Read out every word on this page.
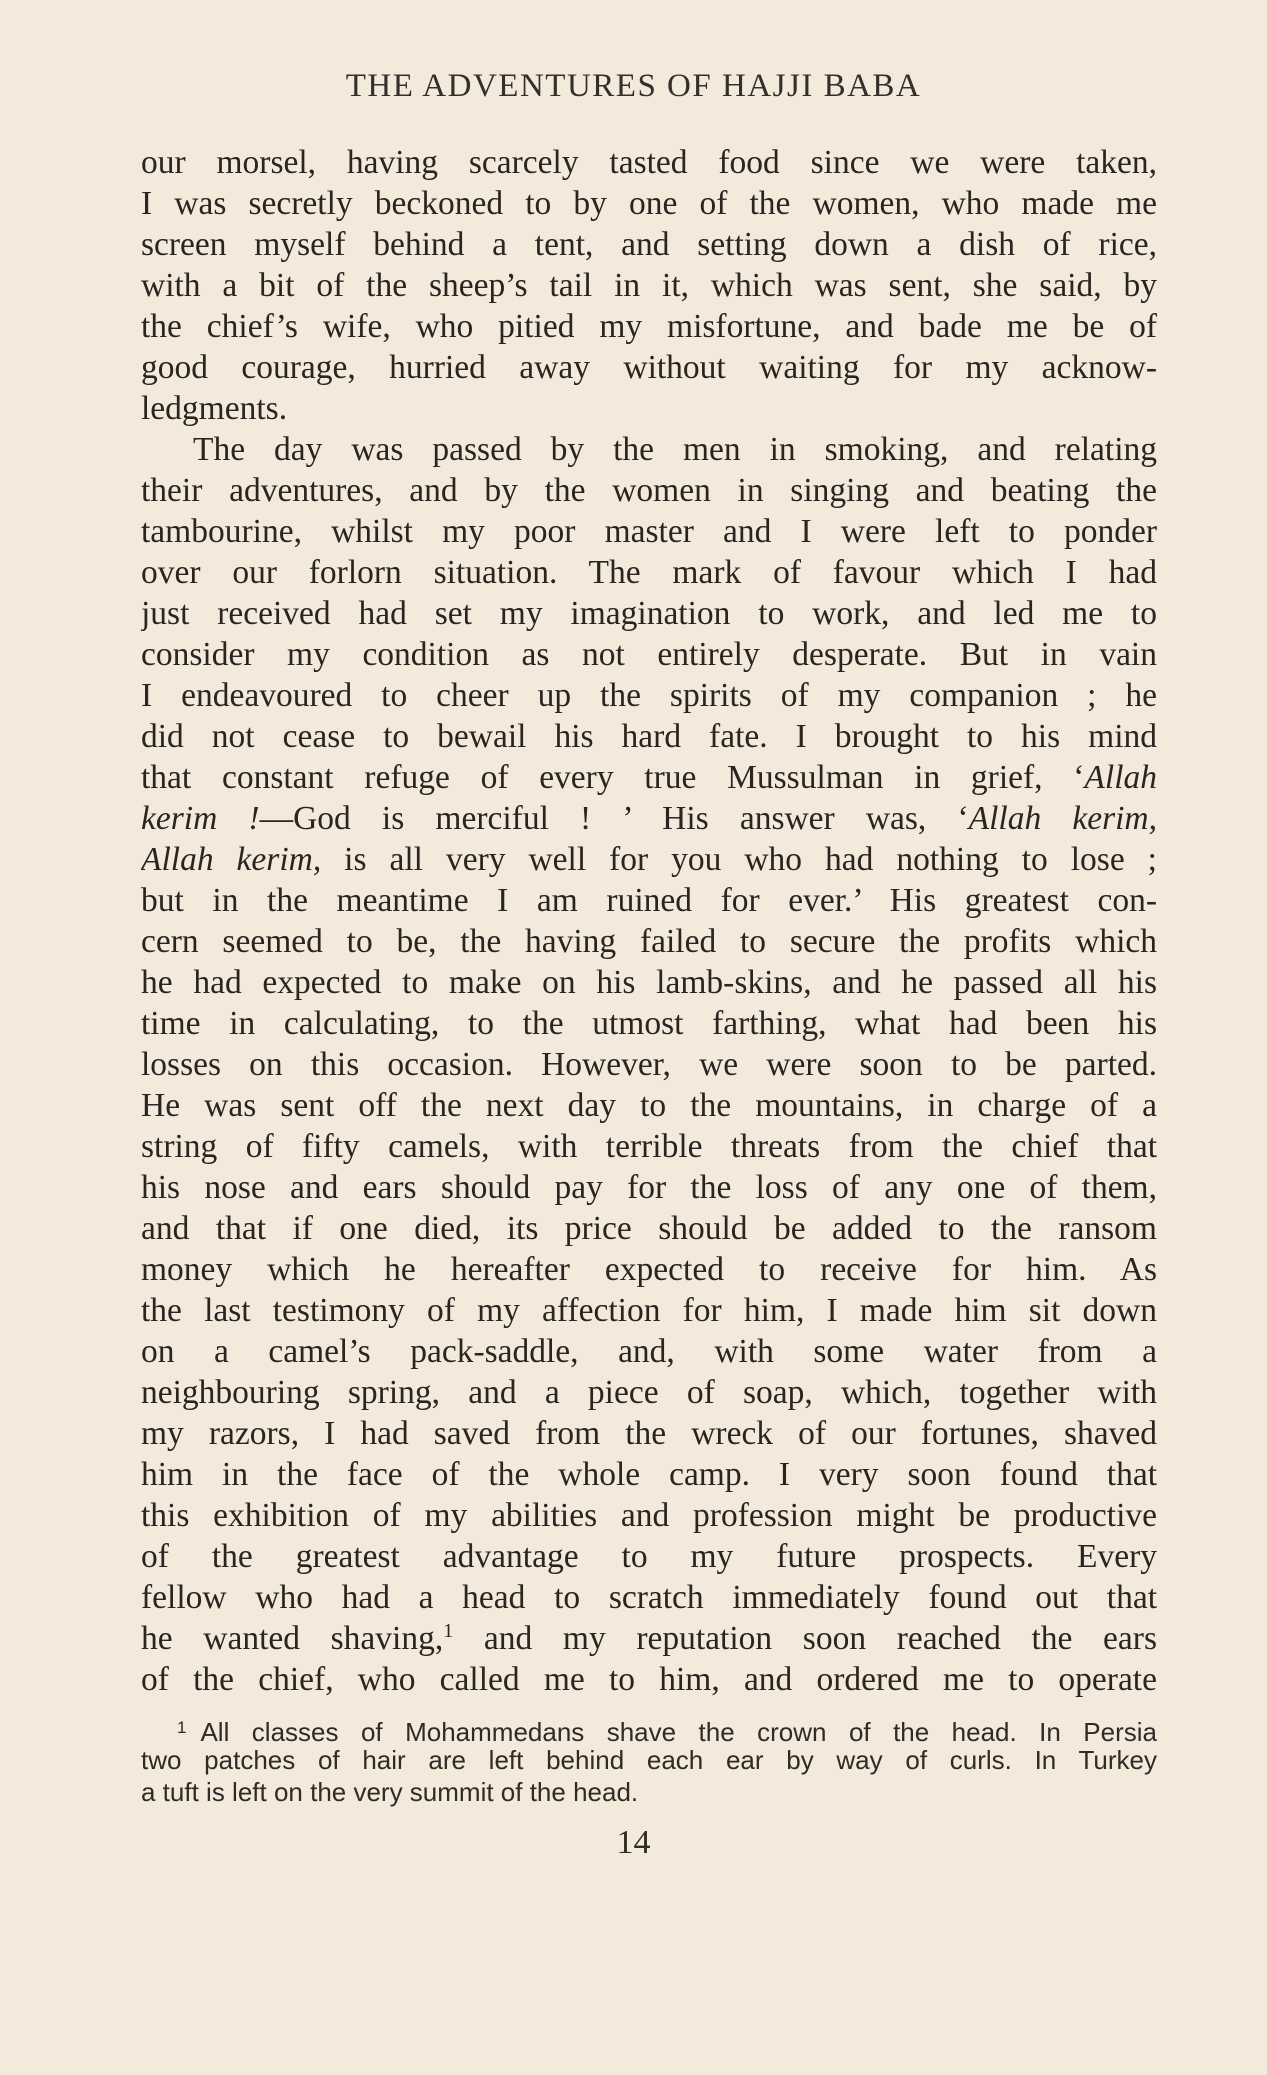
THE ADVENTURES OF HAJJI BABA
our morsel, having scarcely tasted food since we were taken,
I was secretly beckoned to by one of the women, who made me
screen myself behind a tent, and setting down a dish of rice,
with a bit of the sheep’s tail in it, which was sent, she said, by
the chief’s wife, who pitied my misfortune, and bade me be of
good courage, hurried away without waiting for my acknow-
ledgments.
The day was passed by the men in smoking, and relating
their adventures, and by the women in singing and beating the
tambourine, whilst my poor master and I were left to ponder
over our forlorn situation. The mark of favour which I had
just received had set my imagination to work, and led me to
consider my condition as not entirely desperate. But in vain
I endeavoured to cheer up the spirits of my companion ; he
did not cease to bewail his hard fate. I brought to his mind
that constant refuge of every true Mussulman in grief, ‘Allah
kerim !—God is merciful ! ’ His answer was, ‘Allah kerim,
Allah kerim, is all very well for you who had nothing to lose ;
but in the meantime I am ruined for ever.’ His greatest con-
cern seemed to be, the having failed to secure the profits which
he had expected to make on his lamb-skins, and he passed all his
time in calculating, to the utmost farthing, what had been his
losses on this occasion. However, we were soon to be parted.
He was sent off the next day to the mountains, in charge of a
string of fifty camels, with terrible threats from the chief that
his nose and ears should pay for the loss of any one of them,
and that if one died, its price should be added to the ransom
money which he hereafter expected to receive for him. As
the last testimony of my affection for him, I made him sit down
on a camel’s pack-saddle, and, with some water from a
neighbouring spring, and a piece of soap, which, together with
my razors, I had saved from the wreck of our fortunes, shaved
him in the face of the whole camp. I very soon found that
this exhibition of my abilities and profession might be productive
of the greatest advantage to my future prospects. Every
fellow who had a head to scratch immediately found out that
he wanted shaving,$^1$ and my reputation soon reached the ears
of the chief, who called me to him, and ordered me to operate
$^1$ All classes of Mohammedans shave the crown of the head. In Persia
two patches of hair are left behind each ear by way of curls. In Turkey
a tuft is left on the very summit of the head.
14
